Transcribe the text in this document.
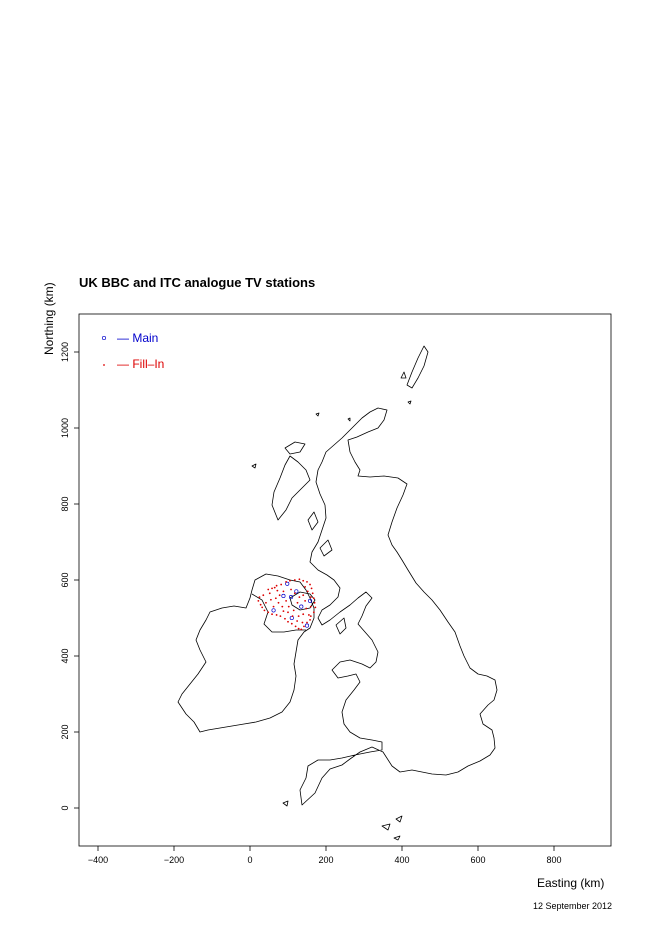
UK BBC and ITC analogue TV stations
Northing (km)
Easting (km)
12 September 2012
−400	−200	0	200	400	600	800
0
200
400
600
800
1000
1200
— Main
— Fill–In
